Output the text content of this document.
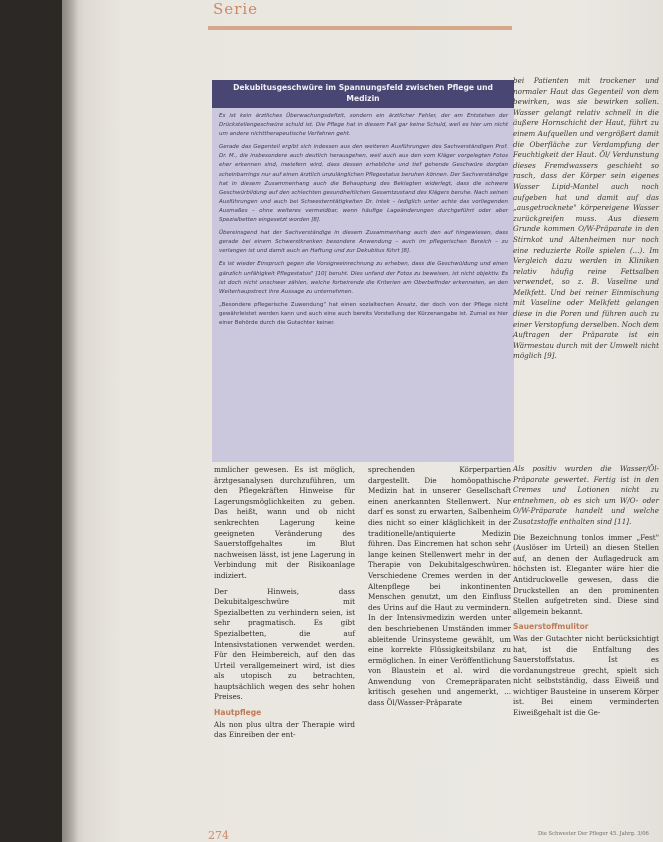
Serie
Dekubitusgeschwüre im Spannungsfeld zwischen Pflege und Medizin

Es ist kein ärztliches Überwachungsdefizit, sondern ein ärztlicher Fehler, der am Entstehen der Drückstellengeschwüre schuld ist. Die Pflege hat in diesem Fall gar keine Schuld, weil es hier um nicht um andere nichttherapeutische Verfahren geht.

Gerade das Gegenteil ergibt sich indessen aus den weiteren Ausführungen des Sachverständigen Prof. Dr. M., die insbesondere auch deutlich herausgehen, weil auch aus den vom Kläger vorgelegten Fotos eher erkennen sind, inwiefern wird, dass dessen erhebliche und tief gehende Geschwüre dorgtan scheinbarrings nur auf einen ärztlich unzulänglichen Pflegestatus beruhen können. Der Sachverständige hat in diesem Zusammenhang auch die Behauptung des Beklagten widerlegt, dass die schwere Geschwürbildung auf den schlechten gesundheitlichen Gesamtzustand des Klägers beruhe. Nach seinen Ausführungen und auch bei Schwesterntätigkeiten Dr. Intek – lediglich unter achte das vorliegenden Ausmaßes – ohne weiteres vermeidbar, wenn häufige Lageänderungen durchgeführt oder aber Spezialbetten eingesetzt worden [8].

Übereinsgend hat der Sachverständige in diesem Zusammenhang auch den auf hingewiesen, dass gerade bei einem Schwerstkranken besondere Anwendung – auch im pflegerischen Bereich – zu verlangen ist und damit auch an Haftung und zur Dekubitus führt [8].

Es ist wieder Einspruch gegen die Vorsigreeinrechnung zu erheben, dass die Geschwüldung und einen gänzlich unfähigkeit Pflegestatus" [10] beruht. Dies unfand der Fotos zu beweisen, ist nicht objektiv. Es ist doch nicht unschwer zählen, welche fortwirende die Kriterien am Oberbefinder erkenneten, an den Weiterhaupstrect ihre Aussage zu unternehmen.

„Besondere pflegerische Zuwendung" hat einen sozialtechen Ansatz, der doch von der Pflege nicht gewährleistet werden kann und auch eine auch bereits Vorstellung der Kürzenangabe ist. Zumal es hier einer Behörde durch die Gutachter keiner.

bei Patienten mit trockener und normaler Haut das Gegenteil von dem bewirken, was sie bewirken sollen. Wasser gelangt relativ schnell in die äußere Hornschicht der Haut, führt zu einem Aufquellen und vergrößert damit die Oberfläche zur Verdampfung der Feuchtigkeit der Haut. Öl/ Verdunstung dieses Fremdwassers geschieht so rasch, dass der Körper sein eigenes Wasser Lipid-Mantel auch noch aufgeben hat und damit auf das „ausgetrocknete" körpereigene Wasser zurückgreifen muss. Aus diesem Grunde kommen O/W-Präparate in den Stirnkot und Altenheimen nur noch eine reduzierte Rolle spielen (...). Im Vergleich dazu werden in Kliniken relativ häufig reine Fettsalben verwendet, so z. B. Vaseline und Melkfett. Und bei reiner Einmischung mit Vaseline oder Melkfett gelangen diese in die Poren und führen auch zu einer Verstopfung derselben. Noch dem Auftragen der Präparate ist ein Wärmestau durch mit der Umwelt nicht möglich [9].

mmlicher gewesen. Es ist möglich, ärztgesanalysen durchzuführen, um den Pflegekräften Hinweise für Lagerungsmöglichkeiten zu geben. Das heißt, wann und ob nicht senkrechten Lagerung keine geeigneten Veränderung des Sauerstoffgehaltes im Blut nachweisen lässt, ist jene Lagerung in Verbindung mit der Risikoanlage indiziert.

Der Hinweis, dass Dekubitalgeschwüre mit Spezialbetten zu verhindern seien, ist sehr pragmatisch. Es gibt Spezialbetten, die auf Intensivstationen verwendet werden. Für den Heimbereich, auf den das Urteil verallgemeinert wird, ist dies als utopisch zu betrachten, hauptsächlich wegen des sehr hohen Preises.

Hautpflege

Als non plus ultra der Therapie wird das Einreiben der ent-

sprechenden Körperpartien dargestellt. Die homöopathische Medizin hat in unserer Gesellschaft einen anerkannten Stellenwert. Nur darf es sonst zu erwarten, Salbenheim dies nicht so einer kläglichkeit in der traditionelle/antiquierte Medizin führen. Das Eincremen hat schon sehr lange keinen Stellenwert mehr in der Therapie von Dekubitalgeschwüren. Verschiedene Cremes werden in der Altenpflege bei inkontinenten Menschen genutzt, um den Einfluss des Urins auf die Haut zu vermindern. In der Intensivmedizin werden unter den beschriebenen Umständen immer ableitende Urinsysteme gewählt, um eine korrekte Flüssigkeitsbilanz zu ermöglichen. In einer Veröffentlichung von Blaustein et al. wird die Anwendung von Cremepräparaten kritisch gesehen und angemerkt, ... dass Öl/Wasser-Präparate

Als positiv wurden die Wasser/Öl-Präparate gewertet. Fertig ist in den Cremes und Lotionen nicht zu entnehmen, ob es sich um W/O- oder O/W-Präparate handelt und welche Zusatzstoffe enthalten sind [11].

Die Bezeichnung tonlos immer „Fest" (Auslöser im Urteil) an diesen Stellen auf, an denen der Auflagedruck am höchsten ist. Eleganter wäre hier die Antidruckwelle gewesen, dass die Druckstellen an den prominenten Stellen aufgetreten sind. Diese sind allgemein bekannt.

Sauerstoffmulitor

Was der Gutachter nicht berücksichtigt hat, ist die Entfaltung des Sauerstoffstatus. Ist es vordanungstreue grecht, spielt sich nicht selbstständig, dass Eiweiß und wichtiger Bausteine in unserem Körper ist. Bei einem verminderten Eiweißgehalt ist die Ge-

274	Die Schwester Der Pfleger 45. Jahrg. 3/06
